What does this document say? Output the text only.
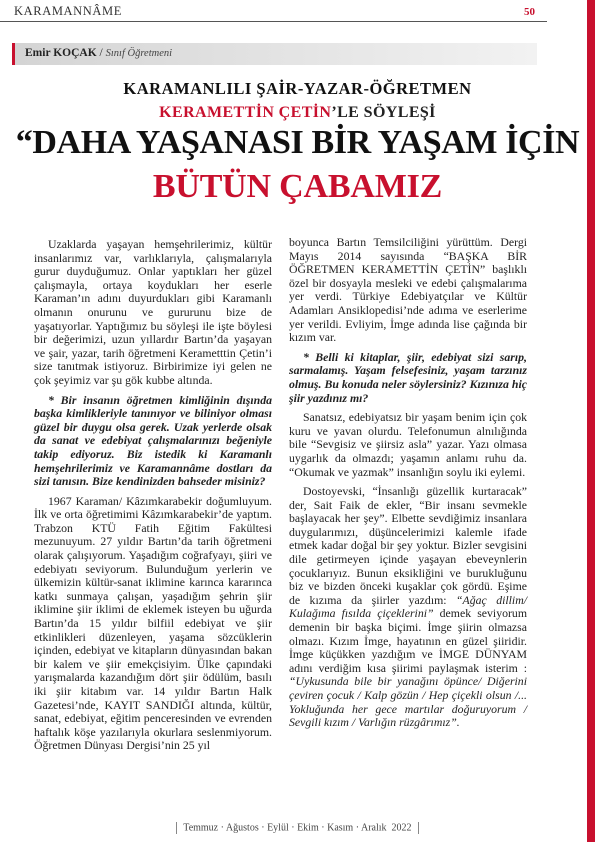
KARAMANNÂME	50
Emir KOÇAK / Sınıf Öğretmeni
KARAMANLILI ŞAİR-YAZAR-ÖĞRETMEN
KERAMETTİN ÇETİN’LE SÖYLEŞİ
“DAHA YAŞANASI BİR YAŞAM İÇİN
BÜTÜN ÇABAMIZ

Uzaklarda yaşayan hemşehrilerimiz, kültür insanlarımız var, varlıklarıyla, çalışmalarıyla gurur duyduğumuz. Onlar yaptıkları her güzel çalışmayla, ortaya koydukları her eserle Karaman’ın adını duyurdukları gibi Karamanlı olmanın onurunu ve gururunu bize de yaşatıyorlar. Yaptığımız bu söyleşi ile işte böylesi bir değerimizi, uzun yıllardır Bartın’da yaşayan ve şair, yazar, tarih öğretmeni Kerametttin Çetin’i size tanıtmak istiyoruz. Birbirimize iyi gelen ne çok şeyimiz var şu gök kubbe altında.

* Bir insanın öğretmen kimliğinin dışında başka kimlikleriyle tanınıyor ve biliniyor olması güzel bir duygu olsa gerek. Uzak yerlerde olsak da sanat ve edebiyat çalışmalarınızı beğeniyle takip ediyoruz. Biz istedik ki Karamanlı hemşehrilerimiz ve Karamannâme dostları da sizi tanısın. Bize kendinizden bahseder misiniz?

1967 Karaman/ Kâzımkarabekir doğumluyum. İlk ve orta öğretimimi Kâzımkarabekir’de yaptım. Trabzon KTÜ Fatih Eğitim Fakültesi mezunuyum. 27 yıldır Bartın’da tarih öğretmeni olarak çalışıyorum. Yaşadığım coğrafyayı, şiiri ve edebiyatı seviyorum. Bulunduğum yerlerin ve ülkemizin kültür-sanat iklimine karınca kararınca katkı sunmaya çalışan, yaşadığım şehrin şiir iklimine şiir iklimi de eklemek isteyen bu uğurda Bartın’da 15 yıldır bilfiil edebiyat ve şiir etkinlikleri düzenleyen, yaşama sözcüklerin içinden, edebiyat ve kitapların dünyasından bakan bir kalem ve şiir emekçisiyim. Ülke çapındaki yarışmalarda kazandığım dört şiir ödülüm, basılı iki şiir kitabım var. 14 yıldır Bartın Halk Gazetesi’nde, KAYIT SANDIĞI altında, kültür, sanat, edebiyat, eğitim penceresinden ve evrenden haftalık köşe yazılarıyla okurlara seslenmiyorum. Öğretmen Dünyası Dergisi’nin 25 yıl

boyunca Bartın Temsilciliğini yürüttüm. Dergi Mayıs 2014 sayısında “BAŞKA BİR ÖĞRETMEN KERAMETTİN ÇETİN” başlıklı özel bir dosyayla mesleki ve edebi çalışmalarıma yer verdi. Türkiye Edebiyatçılar ve Kültür Adamları Ansiklopedisi’nde adıma ve eserlerime yer verildi. Evliyim, İmge adında lise çağında bir kızım var.

* Belli ki kitaplar, şiir, edebiyat sizi sarıp, sarmalamış. Yaşam felsefesiniz, yaşam tarzınız olmuş. Bu konuda neler söylersiniz? Kızınıza hiç şiir yazdınız mı?

Sanatsız, edebiyatsız bir yaşam benim için çok kuru ve yavan olurdu. Telefonumun alnılığında bile “Sevgisiz ve şiirsiz asla” yazar. Yazı olmasa uygarlık da olmazdı; yaşamın anlamı ruhu da. “Okumak ve yazmak” insanlığın soylu iki eylemi.

Dostoyevski, “İnsanlığı güzellik kurtaracak” der, Sait Faik de ekler, “Bir insanı sevmekle başlayacak her şey”. Elbette sevdiğimiz insanlara duygularımızı, düşüncelerimizi kalemle ifade etmek kadar doğal bir şey yoktur. Bizler sevgisini dile getirmeyen içinde yaşayan ebeveynlerin çocuklarıyız. Bunun eksikliğini ve burukluğunu biz ve bizden önceki kuşaklar çok gördü. Eşime de kızıma da şiirler yazdım: “Ağaç dillim/ Kulağıma fısılda çiçeklerini” demek seviyorum demenin bir başka biçimi. İmge şiirin olmazsa olmazı. Kızım İmge, hayatının en güzel şiiridir. İmge küçükken yazdığım ve İMGE DÜNYAM adını verdiğim kısa şiirimi paylaşmak isterim : “Uykusunda bile bir yanağını öpünce/ Diğerini çeviren çocuk / Kalp gözün / Hep çiçekli olsun /... Yokluğunda her gece martılar doğuruyorum / Sevgili kızım / Varlığın rüzgârımız”.

Temmuz · Ağustos · Eylül · Ekim · Kasım · Aralık 2022
